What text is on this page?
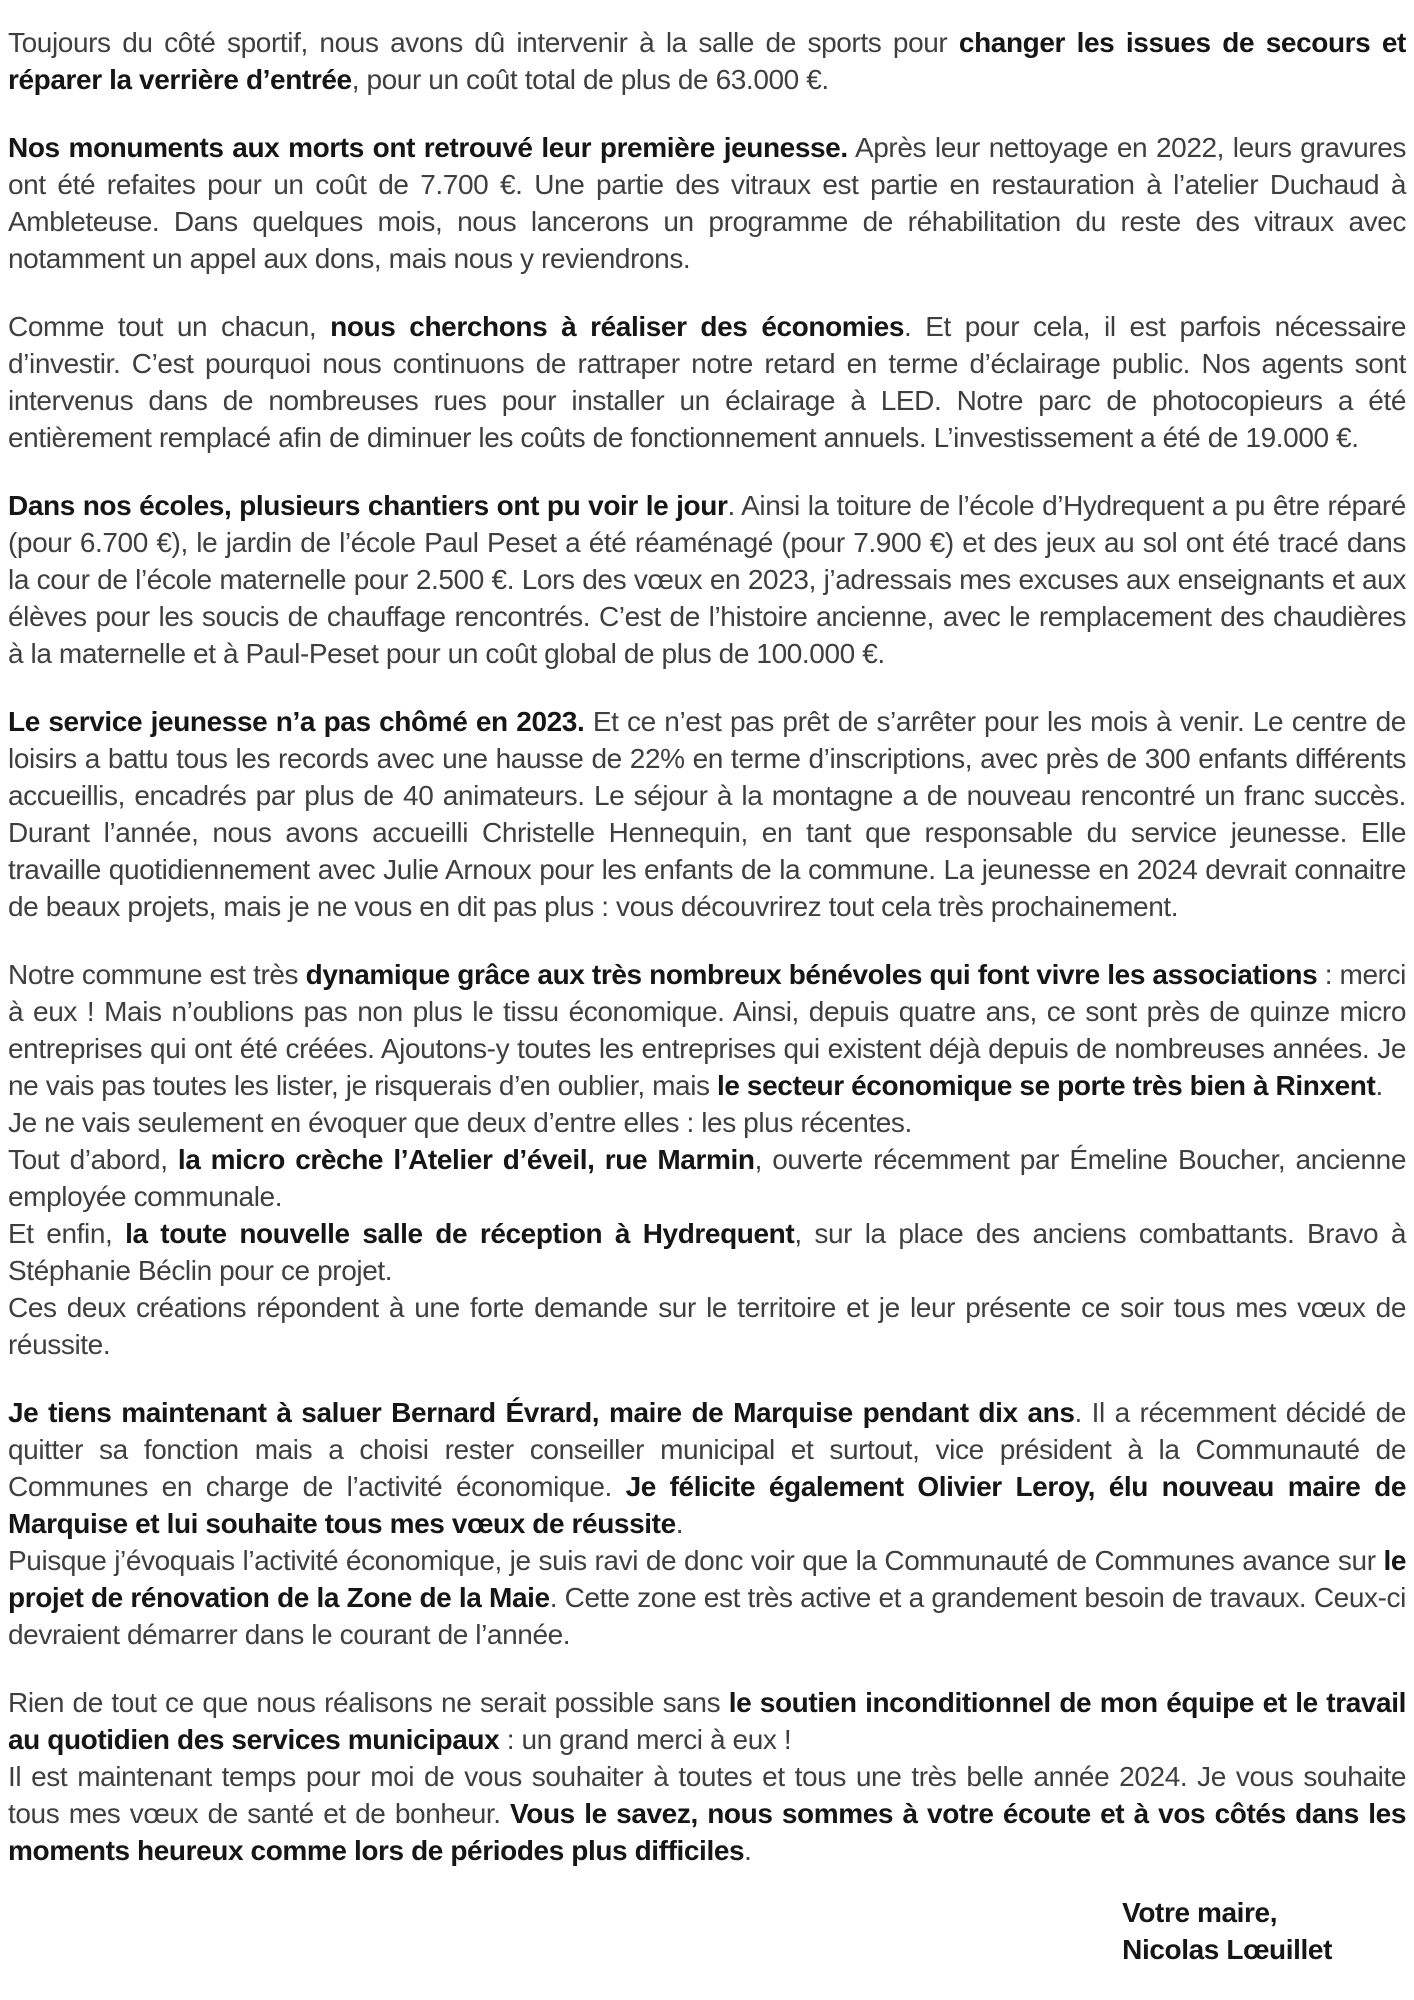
Toujours du côté sportif, nous avons dû intervenir à la salle de sports pour changer les issues de secours et réparer la verrière d’entrée, pour un coût total de plus de 63.000 €.

Nos monuments aux morts ont retrouvé leur première jeunesse. Après leur nettoyage en 2022, leurs gravures ont été refaites pour un coût de 7.700 €. Une partie des vitraux est partie en restauration à l’atelier Duchaud à Ambleteuse. Dans quelques mois, nous lancerons un programme de réhabilitation du reste des vitraux avec notamment un appel aux dons, mais nous y reviendrons.

Comme tout un chacun, nous cherchons à réaliser des économies. Et pour cela, il est parfois nécessaire d’investir. C’est pourquoi nous continuons de rattraper notre retard en terme d’éclairage public. Nos agents sont intervenus dans de nombreuses rues pour installer un éclairage à LED. Notre parc de photocopieurs a été entièrement remplacé afin de diminuer les coûts de fonctionnement annuels. L’investissement a été de 19.000 €.

Dans nos écoles, plusieurs chantiers ont pu voir le jour. Ainsi la toiture de l’école d’Hydrequent a pu être réparé (pour 6.700 €), le jardin de l’école Paul Peset a été réaménagé (pour 7.900 €) et des jeux au sol ont été tracé dans la cour de l’école maternelle pour 2.500 €. Lors des vœux en 2023, j’adressais mes excuses aux enseignants et aux élèves pour les soucis de chauffage rencontrés. C’est de l’histoire ancienne, avec le remplacement des chaudières à la maternelle et à Paul-Peset pour un coût global de plus de 100.000 €.

Le service jeunesse n’a pas chômé en 2023. Et ce n’est pas prêt de s’arrêter pour les mois à venir. Le centre de loisirs a battu tous les records avec une hausse de 22% en terme d’inscriptions, avec près de 300 enfants différents accueillis, encadrés par plus de 40 animateurs. Le séjour à la montagne a de nouveau rencontré un franc succès. Durant l’année, nous avons accueilli Christelle Hennequin, en tant que responsable du service jeunesse. Elle travaille quotidiennement avec Julie Arnoux pour les enfants de la commune. La jeunesse en 2024 devrait connaitre de beaux projets, mais je ne vous en dit pas plus : vous découvrirez tout cela très prochainement.

Notre commune est très dynamique grâce aux très nombreux bénévoles qui font vivre les associations : merci à eux ! Mais n’oublions pas non plus le tissu économique. Ainsi, depuis quatre ans, ce sont près de quinze micro entreprises qui ont été créées. Ajoutons-y toutes les entreprises qui existent déjà depuis de nombreuses années. Je ne vais pas toutes les lister, je risquerais d’en oublier, mais le secteur économique se porte très bien à Rinxent.

Je ne vais seulement en évoquer que deux d’entre elles : les plus récentes.

Tout d’abord, la micro crèche l’Atelier d’éveil, rue Marmin, ouverte récemment par Émeline Boucher, ancienne employée communale.

Et enfin, la toute nouvelle salle de réception à Hydrequent, sur la place des anciens combattants. Bravo à Stéphanie Béclin pour ce projet.

Ces deux créations répondent à une forte demande sur le territoire et je leur présente ce soir tous mes vœux de réussite.

Je tiens maintenant à saluer Bernard Évrard, maire de Marquise pendant dix ans. Il a récemment décidé de quitter sa fonction mais a choisi rester conseiller municipal et surtout, vice président à la Communauté de Communes en charge de l’activité économique. Je félicite également Olivier Leroy, élu nouveau maire de Marquise et lui souhaite tous mes vœux de réussite.

Puisque j’évoquais l’activité économique, je suis ravi de donc voir que la Communauté de Communes avance sur le projet de rénovation de la Zone de la Maie. Cette zone est très active et a grandement besoin de travaux. Ceux-ci devraient démarrer dans le courant de l’année.

Rien de tout ce que nous réalisons ne serait possible sans le soutien inconditionnel de mon équipe et le travail au quotidien des services municipaux : un grand merci à eux !

Il est maintenant temps pour moi de vous souhaiter à toutes et tous une très belle année 2024. Je vous souhaite tous mes vœux de santé et de bonheur. Vous le savez, nous sommes à votre écoute et à vos côtés dans les moments heureux comme lors de périodes plus difficiles.

Votre maire,
Nicolas Lœuillet
